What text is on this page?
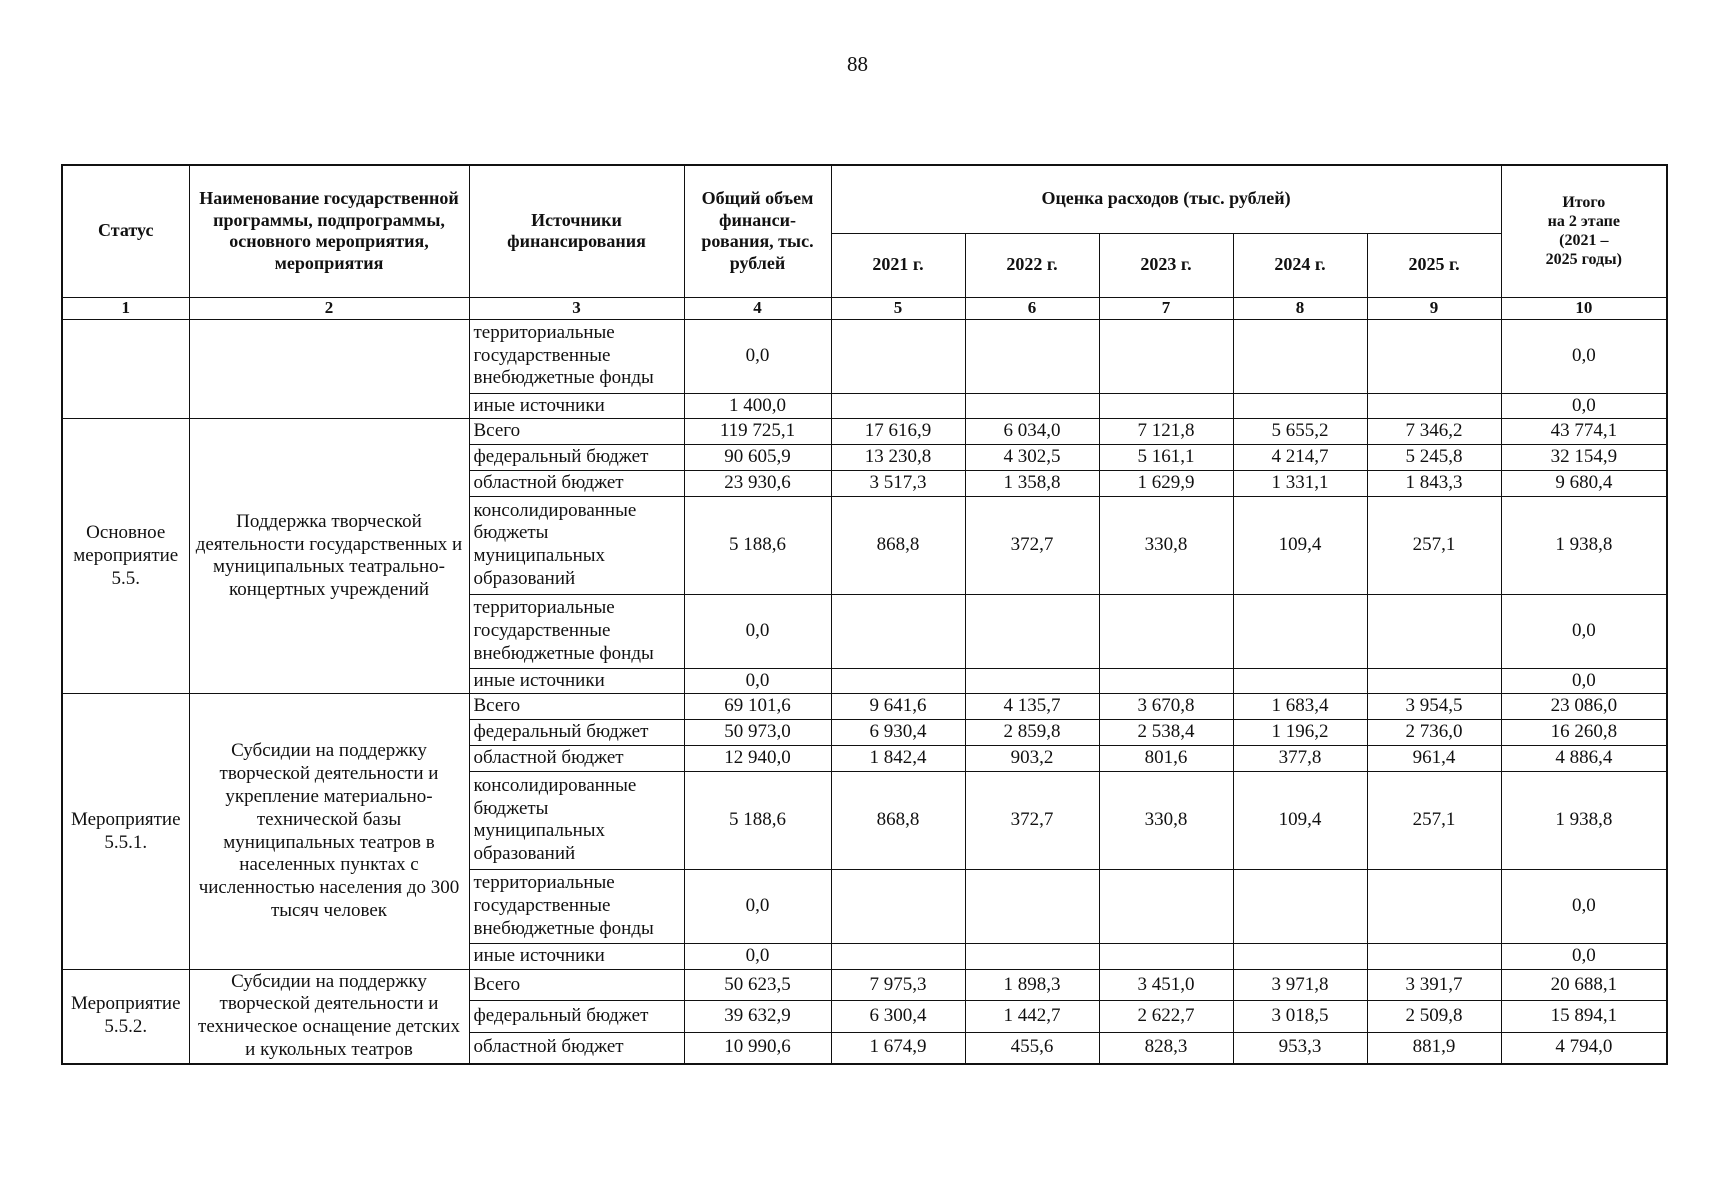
88
Статус	Наименование государственной программы, подпрограммы, основного мероприятия, мероприятия	Источники финансирования	Общий объем финанси-рования, тыс. рублей	Оценка расходов (тыс. рублей)					Итого
на 2 этапе
(2021 –
2025 годы)
				2021 г.	2022 г.	2023 г.	2024 г.	2025 г.	
1	2	3	4	5	6	7	8	9	10
		территориальные государственные внебюджетные фонды	0,0						0,0
		иные источники	1 400,0						0,0
Основное мероприятие 5.5.	Поддержка творческой деятельности государственных и муниципальных театрально-концертных учреждений	Всего	119 725,1	17 616,9	6 034,0	7 121,8	5 655,2	7 346,2	43 774,1
		федеральный бюджет	90 605,9	13 230,8	4 302,5	5 161,1	4 214,7	5 245,8	32 154,9
		областной бюджет	23 930,6	3 517,3	1 358,8	1 629,9	1 331,1	1 843,3	9 680,4
		консолидированные бюджеты муниципальных образований	5 188,6	868,8	372,7	330,8	109,4	257,1	1 938,8
		территориальные государственные внебюджетные фонды	0,0						0,0
		иные источники	0,0						0,0
Мероприятие 5.5.1.	Субсидии на поддержку творческой деятельности и укрепление материально-технической базы муниципальных театров в населенных пунктах с численностью населения до 300 тысяч человек	Всего	69 101,6	9 641,6	4 135,7	3 670,8	1 683,4	3 954,5	23 086,0
		федеральный бюджет	50 973,0	6 930,4	2 859,8	2 538,4	1 196,2	2 736,0	16 260,8
		областной бюджет	12 940,0	1 842,4	903,2	801,6	377,8	961,4	4 886,4
		консолидированные бюджеты муниципальных образований	5 188,6	868,8	372,7	330,8	109,4	257,1	1 938,8
		территориальные государственные внебюджетные фонды	0,0						0,0
		иные источники	0,0						0,0
Мероприятие 5.5.2.	Субсидии на поддержку творческой деятельности и техническое оснащение детских и кукольных театров	Всего	50 623,5	7 975,3	1 898,3	3 451,0	3 971,8	3 391,7	20 688,1
		федеральный бюджет	39 632,9	6 300,4	1 442,7	2 622,7	3 018,5	2 509,8	15 894,1
		областной бюджет	10 990,6	1 674,9	455,6	828,3	953,3	881,9	4 794,0
